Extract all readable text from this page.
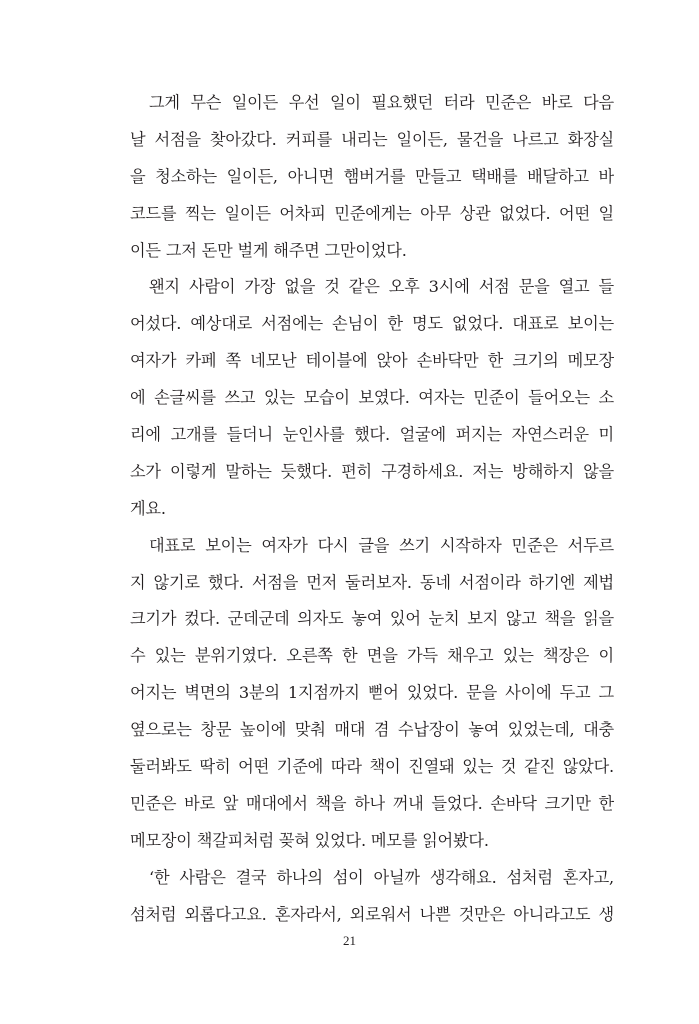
그게 무슨 일이든 우선 일이 필요했던 터라 민준은 바로 다음
날 서점을 찾아갔다. 커피를 내리는 일이든, 물건을 나르고 화장실
을 청소하는 일이든, 아니면 햄버거를 만들고 택배를 배달하고 바
코드를 찍는 일이든 어차피 민준에게는 아무 상관 없었다. 어떤 일
이든 그저 돈만 벌게 해주면 그만이었다.
왠지 사람이 가장 없을 것 같은 오후 3시에 서점 문을 열고 들
어섰다. 예상대로 서점에는 손님이 한 명도 없었다. 대표로 보이는
여자가 카페 쪽 네모난 테이블에 앉아 손바닥만 한 크기의 메모장
에 손글씨를 쓰고 있는 모습이 보였다. 여자는 민준이 들어오는 소
리에 고개를 들더니 눈인사를 했다. 얼굴에 퍼지는 자연스러운 미
소가 이렇게 말하는 듯했다. 편히 구경하세요. 저는 방해하지 않을
게요.
대표로 보이는 여자가 다시 글을 쓰기 시작하자 민준은 서두르
지 않기로 했다. 서점을 먼저 둘러보자. 동네 서점이라 하기엔 제법
크기가 컸다. 군데군데 의자도 놓여 있어 눈치 보지 않고 책을 읽을
수 있는 분위기였다. 오른쪽 한 면을 가득 채우고 있는 책장은 이
어지는 벽면의 3분의 1지점까지 뻗어 있었다. 문을 사이에 두고 그
옆으로는 창문 높이에 맞춰 매대 겸 수납장이 놓여 있었는데, 대충
둘러봐도 딱히 어떤 기준에 따라 책이 진열돼 있는 것 같진 않았다.
민준은 바로 앞 매대에서 책을 하나 꺼내 들었다. 손바닥 크기만 한
메모장이 책갈피처럼 꽂혀 있었다. 메모를 읽어봤다.
‘한 사람은 결국 하나의 섬이 아닐까 생각해요. 섬처럼 혼자고,
섬처럼 외롭다고요. 혼자라서, 외로워서 나쁜 것만은 아니라고도 생
21
